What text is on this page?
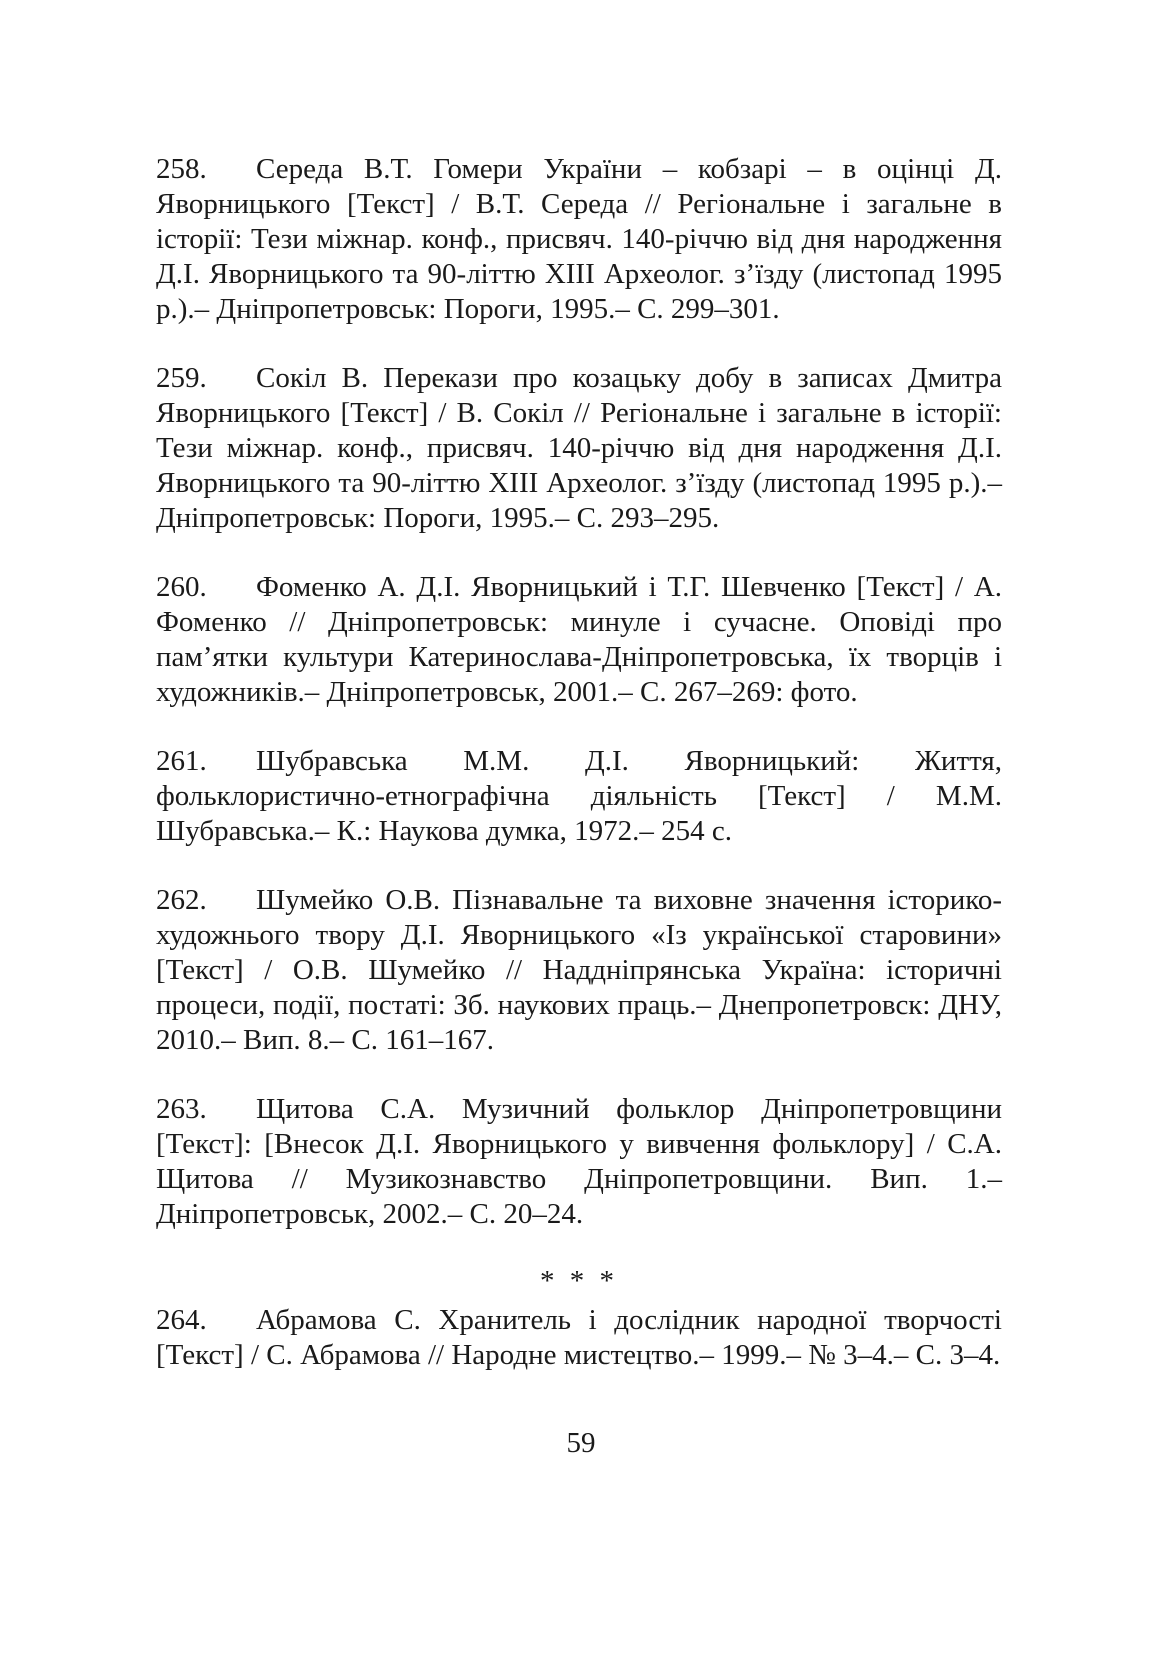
258. Середа В.Т. Гомери України – кобзарі – в оцінці Д. Яворницького [Текст] / В.Т. Середа // Регіональне і загальне в історії: Тези міжнар. конф., присвяч. 140-річчю від дня народження Д.І. Яворницького та 90-літтю XIII Археолог. з’їзду (листопад 1995 р.).– Дніпропетровськ: Пороги, 1995.– С. 299–301.

259. Сокіл В. Перекази про козацьку добу в записах Дмитра Яворницького [Текст] / В. Сокіл // Регіональне і загальне в історії: Тези міжнар. конф., присвяч. 140-річчю від дня народження Д.І. Яворницького та 90-літтю XIII Археолог. з’їзду (листопад 1995 р.).– Дніпропетровськ: Пороги, 1995.– С. 293–295.

260. Фоменко А. Д.І. Яворницький і Т.Г. Шевченко [Текст] / А. Фоменко // Дніпропетровськ: минуле і сучасне. Оповіді про пам’ятки культури Катеринослава-Дніпропетровська, їх творців і художників.– Дніпропетровськ, 2001.– С. 267–269: фото.

261. Шубравська М.М. Д.І. Яворницький: Життя, фольклористично-етнографічна діяльність [Текст] / М.М. Шубравська.– К.: Наукова думка, 1972.– 254 с.

262. Шумейко О.В. Пізнавальне та виховне значення історико-художнього твору Д.І. Яворницького «Із української старовини» [Текст] / О.В. Шумейко // Наддніпрянська Україна: історичні процеси, події, постаті: Зб. наукових праць.– Днепропетровск: ДНУ, 2010.– Вип. 8.– С. 161–167.

263. Щитова С.А. Музичний фольклор Дніпропетровщини [Текст]: [Внесок Д.І. Яворницького у вивчення фольклору] / С.А. Щитова // Музикознавство Дніпропетровщини. Вип. 1.– Дніпропетровськ, 2002.– С. 20–24.

* * *

264. Абрамова С. Хранитель і дослідник народної творчості [Текст] / С. Абрамова // Народне мистецтво.– 1999.– № 3–4.– С. 3–4.

59
